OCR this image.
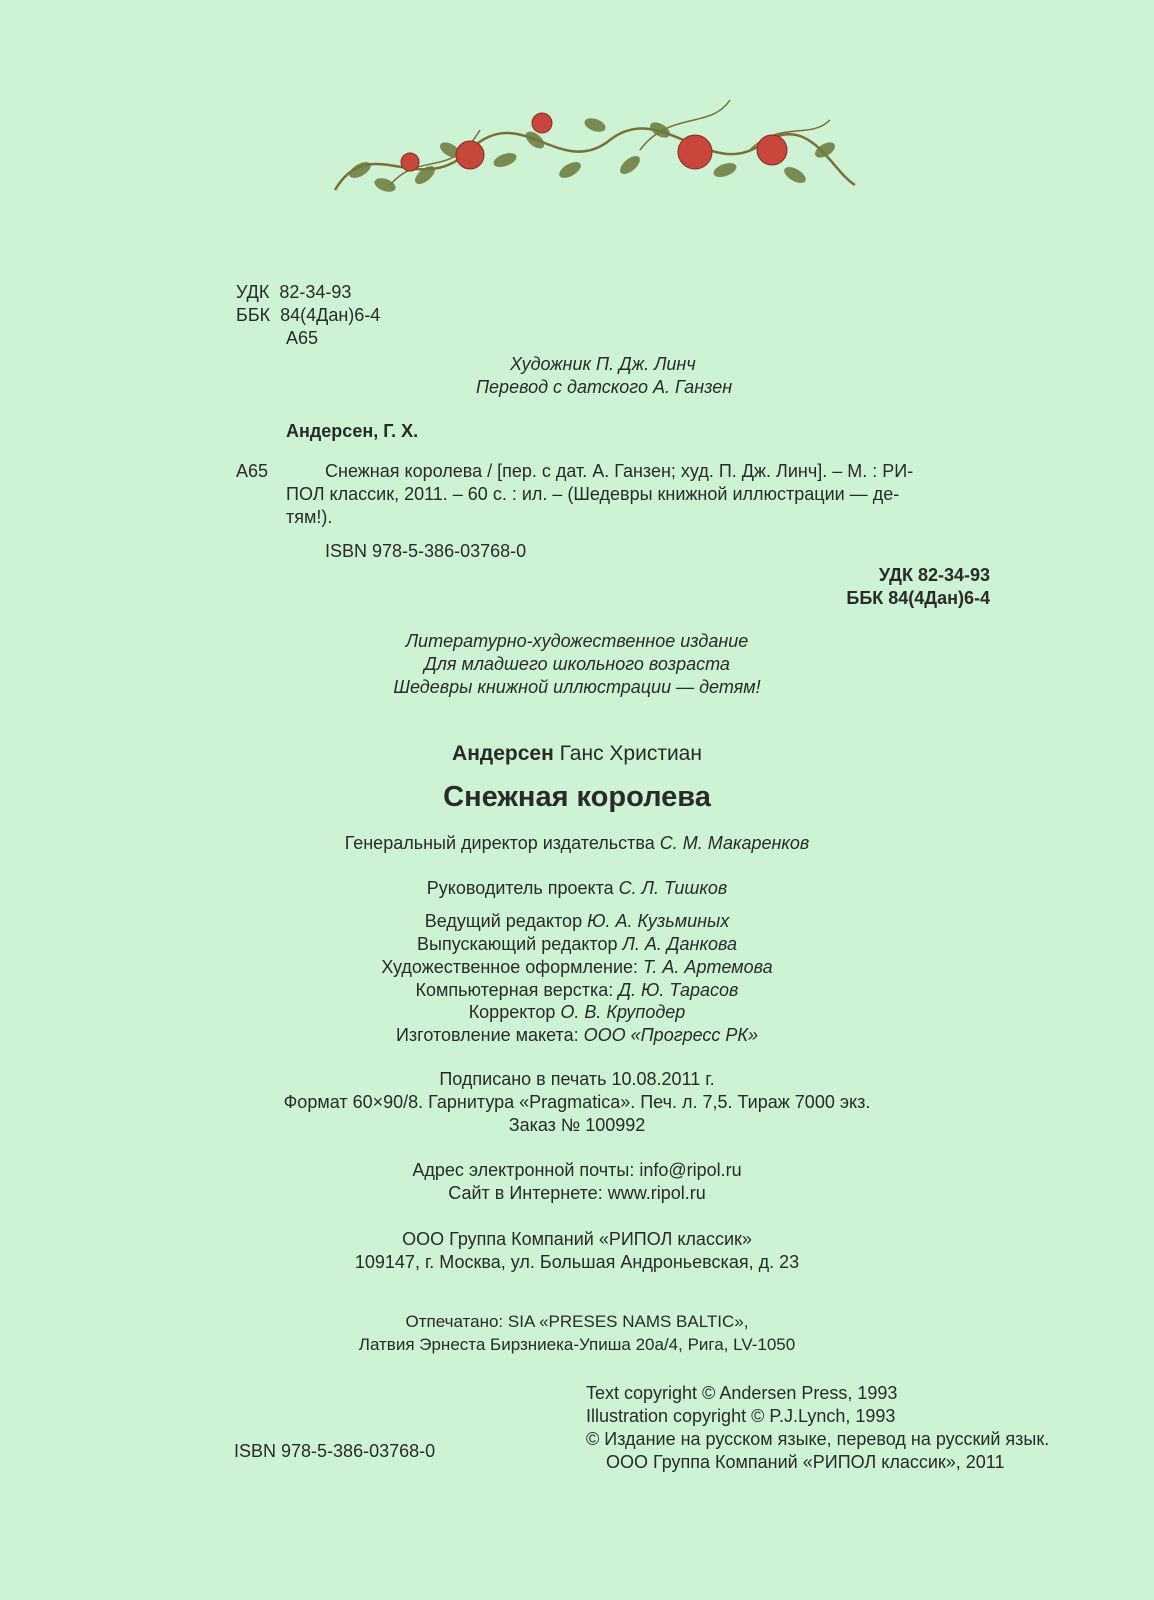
УДК 82-34-93
ББК 84(4Дан)6-4
А65
Художник П. Дж. Линч
Перевод с датского А. Ганзен
Андерсен, Г. Х.
А65	Снежная королева / [пер. с дат. А. Ганзен; худ. П. Дж. Линч]. – М. : РИ-
ПОЛ классик, 2011. – 60 с. : ил. – (Шедевры книжной иллюстрации — де-
тям!).
ISBN 978-5-386-03768-0
УДК 82-34-93
ББК 84(4Дан)6-4
Литературно-художественное издание
Для младшего школьного возраста
Шедевры книжной иллюстрации — детям!
Андерсен Ганс Христиан
Снежная королева
Генеральный директор издательства С. М. Макаренков
Руководитель проекта С. Л. Тишков
Ведущий редактор Ю. А. Кузьминых
Выпускающий редактор Л. А. Данкова
Художественное оформление: Т. А. Артемова
Компьютерная верстка: Д. Ю. Тарасов
Корректор О. В. Круподер
Изготовление макета: ООО «Прогресс РК»
Подписано в печать 10.08.2011 г.
Формат 60×90/8. Гарнитура «Pragmatica». Печ. л. 7,5. Тираж 7000 экз.
Заказ № 100992
Адрес электронной почты: info@ripol.ru
Сайт в Интернете: www.ripol.ru
ООО Группа Компаний «РИПОЛ классик»
109147, г. Москва, ул. Большая Андроньевская, д. 23
Отпечатано: SIA «PRESES NAMS BALTIC»,
Латвия Эрнеста Бирзниека-Упиша 20а/4, Рига, LV-1050
Text copyright © Andersen Press, 1993
Illustration copyright © P.J.Lynch, 1993
© Издание на русском языке, перевод на русский язык.
ООО Группа Компаний «РИПОЛ классик», 2011
ISBN 978-5-386-03768-0
